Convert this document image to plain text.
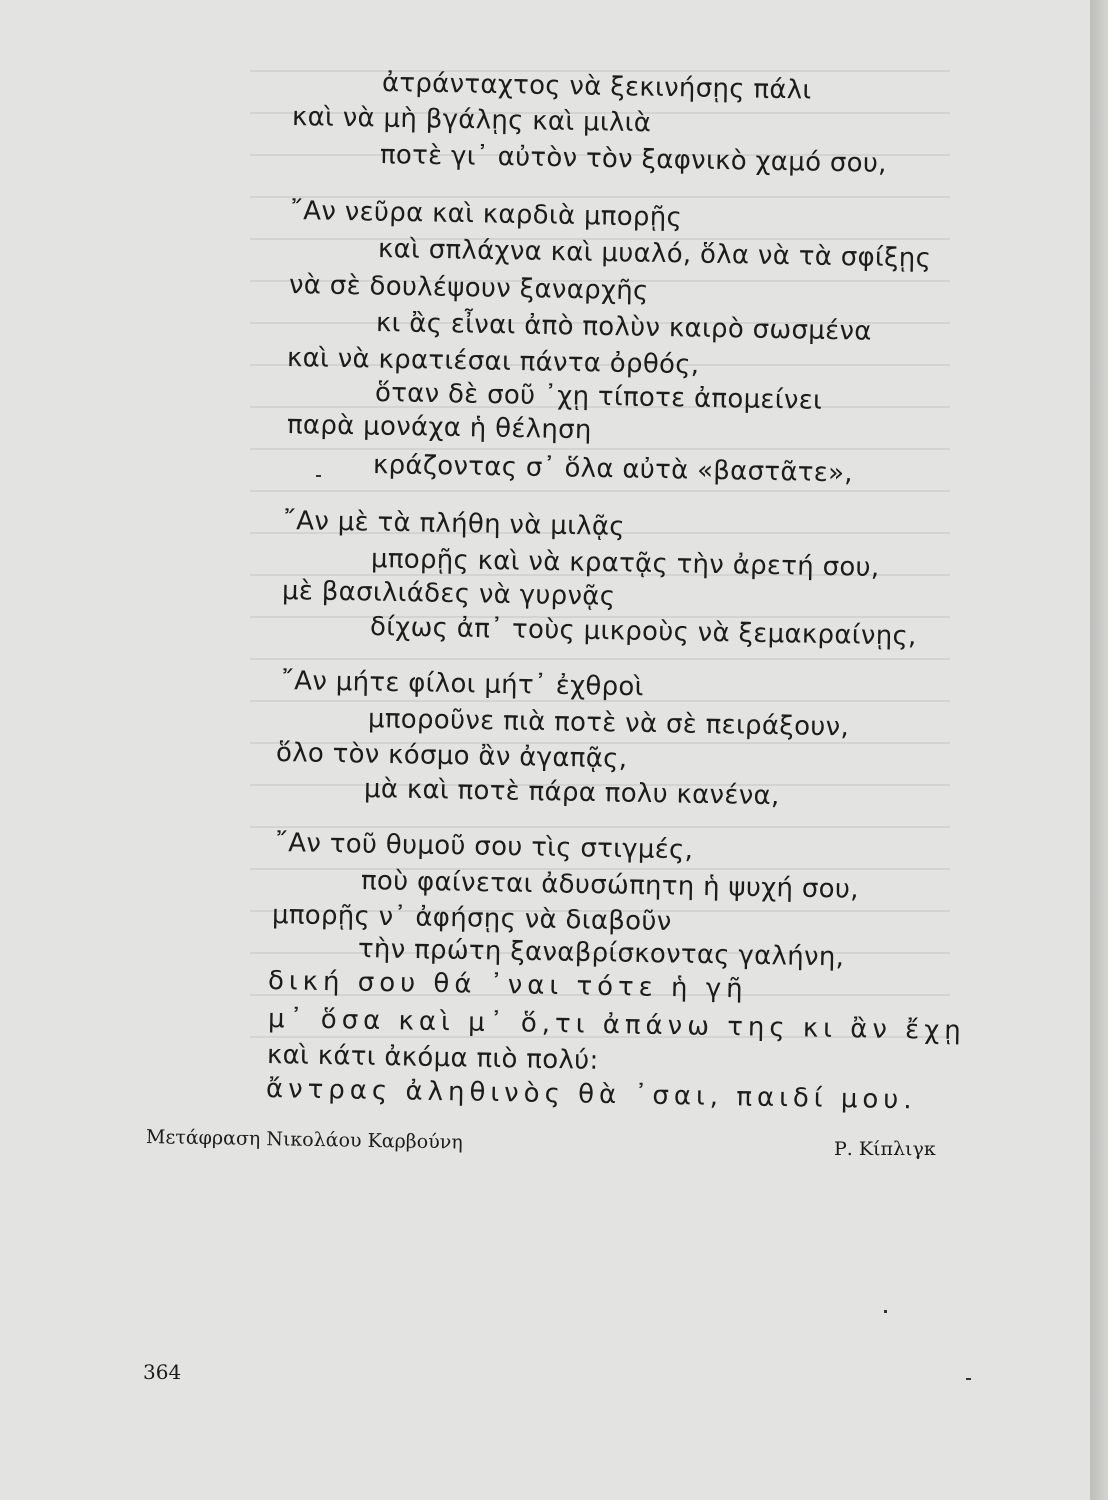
ἀτράνταχτος νὰ ξεκινήσῃς πάλι
καὶ νὰ μὴ βγάλῃς καὶ μιλιὰ
ποτὲ γι᾽ αὐτὸν τὸν ξαφνικὸ χαμό σου,
῎Αν νεῦρα καὶ καρδιὰ μπορῇς
καὶ σπλάχνα καὶ μυαλό, ὅλα νὰ τὰ σφίξῃς
νὰ σὲ δουλέψουν ξαναρχῆς
κι ἂς εἶναι ἀπὸ πολὺν καιρὸ σωσμένα
καὶ νὰ κρατιέσαι πάντα ὀρθός,
ὅταν δὲ σοῦ ᾽χῃ τίποτε ἀπομείνει
παρὰ μονάχα ἡ θέληση
κράζοντας σ᾽ ὅλα αὐτὰ «βαστᾶτε»,
῎Αν μὲ τὰ πλήθη νὰ μιλᾷς
μπορῇς καὶ νὰ κρατᾷς τὴν ἀρετή σου,
μὲ βασιλιάδες νὰ γυρνᾷς
δίχως ἀπ᾽ τοὺς μικροὺς νὰ ξεμακραίνῃς,
῎Αν μήτε φίλοι μήτ᾽ ἐχθροὶ
μποροῦνε πιὰ ποτὲ νὰ σὲ πειράξουν,
ὅλο τὸν κόσμο ἂν ἀγαπᾷς,
μὰ καὶ ποτὲ πάρα πολυ κανένα,
῎Αν τοῦ θυμοῦ σου τὶς στιγμές,
ποὺ φαίνεται ἀδυσώπητη ἡ ψυχή σου,
μπορῇς ν᾽ ἀφήσῃς νὰ διαβοῦν
τὴν πρώτη ξαναβρίσκοντας γαλήνη,
δική σου θά ᾽ναι τότε ἡ γῆ
μ᾽ ὅσα καὶ μ᾽ ὅ,τι ἀπάνω της κι ἂν ἔχῃ
καὶ κάτι ἀκόμα πιὸ πολύ:
ἄντρας ἀληθινὸς θὰ ᾽σαι, παιδί μου.
Μετάφραση Νικολάου Καρβούνη	Ρ. Κίπλιγκ
364
